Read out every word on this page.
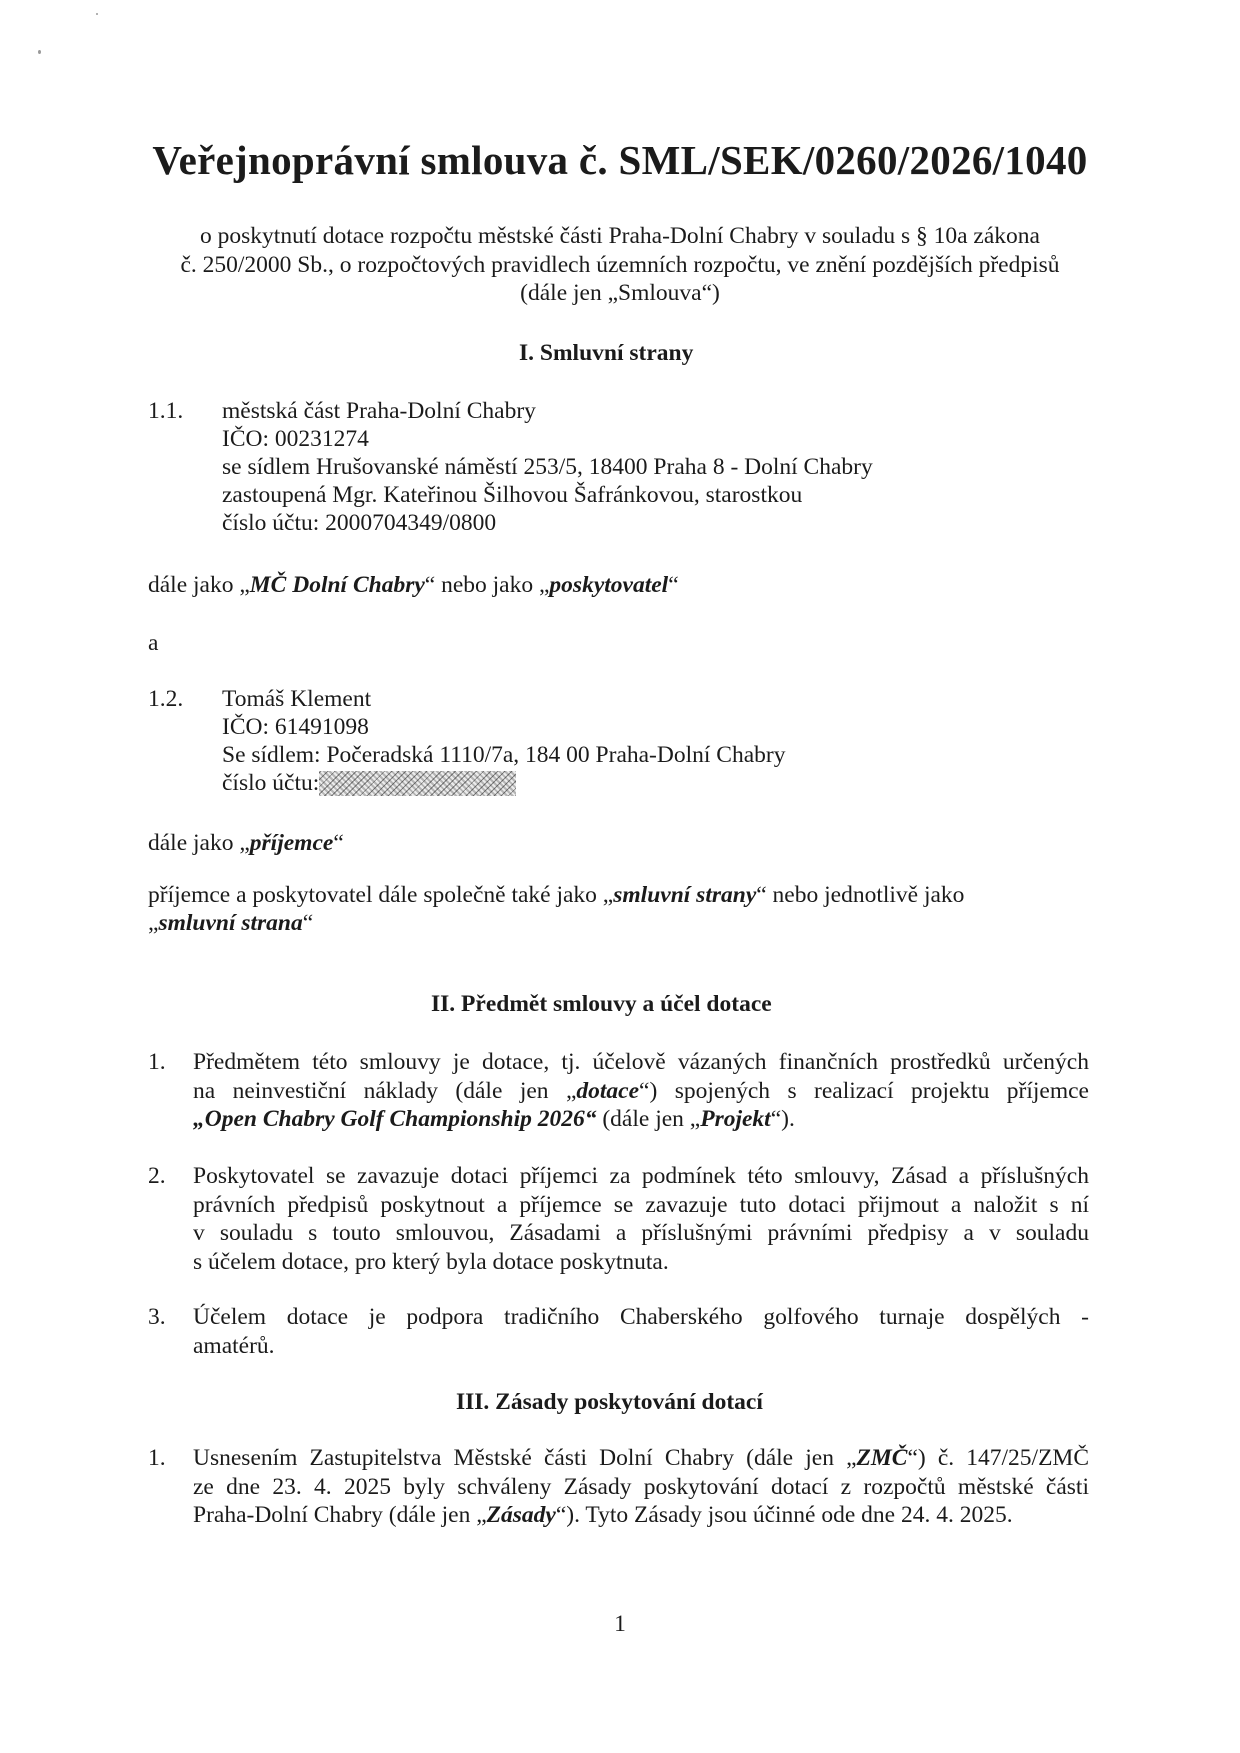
Veřejnoprávní smlouva č. SML/SEK/0260/2026/1040
o poskytnutí dotace rozpočtu městské části Praha-Dolní Chabry v souladu s § 10a zákona
č. 250/2000 Sb., o rozpočtových pravidlech územních rozpočtu, ve znění pozdějších předpisů
(dále jen „Smlouva“)
I. Smluvní strany
1.1. městská část Praha-Dolní Chabry
IČO: 00231274
se sídlem Hrušovanské náměstí 253/5, 18400 Praha 8 - Dolní Chabry
zastoupená Mgr. Kateřinou Šilhovou Šafránkovou, starostkou
číslo účtu: 2000704349/0800
dále jako „MČ Dolní Chabry“ nebo jako „poskytovatel“
a
1.2. Tomáš Klement
IČO: 61491098
Se sídlem: Počeradská 1110/7a, 184 00 Praha-Dolní Chabry
číslo účtu:
dále jako „příjemce“
příjemce a poskytovatel dále společně také jako „smluvní strany“ nebo jednotlivě jako
„smluvní strana“
II. Předmět smlouvy a účel dotace
1. Předmětem této smlouvy je dotace, tj. účelově vázaných finančních prostředků určených
na neinvestiční náklady (dále jen „dotace“) spojených s realizací projektu příjemce
„Open Chabry Golf Championship 2026“ (dále jen „Projekt“).
2. Poskytovatel se zavazuje dotaci příjemci za podmínek této smlouvy, Zásad a příslušných
právních předpisů poskytnout a příjemce se zavazuje tuto dotaci přijmout a naložit s ní
v souladu s touto smlouvou, Zásadami a příslušnými právními předpisy a v souladu
s účelem dotace, pro který byla dotace poskytnuta.
3. Účelem dotace je podpora tradičního Chaberského golfového turnaje dospělých -
amatérů.
III. Zásady poskytování dotací
1. Usnesením Zastupitelstva Městské části Dolní Chabry (dále jen „ZMČ“) č. 147/25/ZMČ
ze dne 23. 4. 2025 byly schváleny Zásady poskytování dotací z rozpočtů městské části
Praha-Dolní Chabry (dále jen „Zásady“). Tyto Zásady jsou účinné ode dne 24. 4. 2025.
1
